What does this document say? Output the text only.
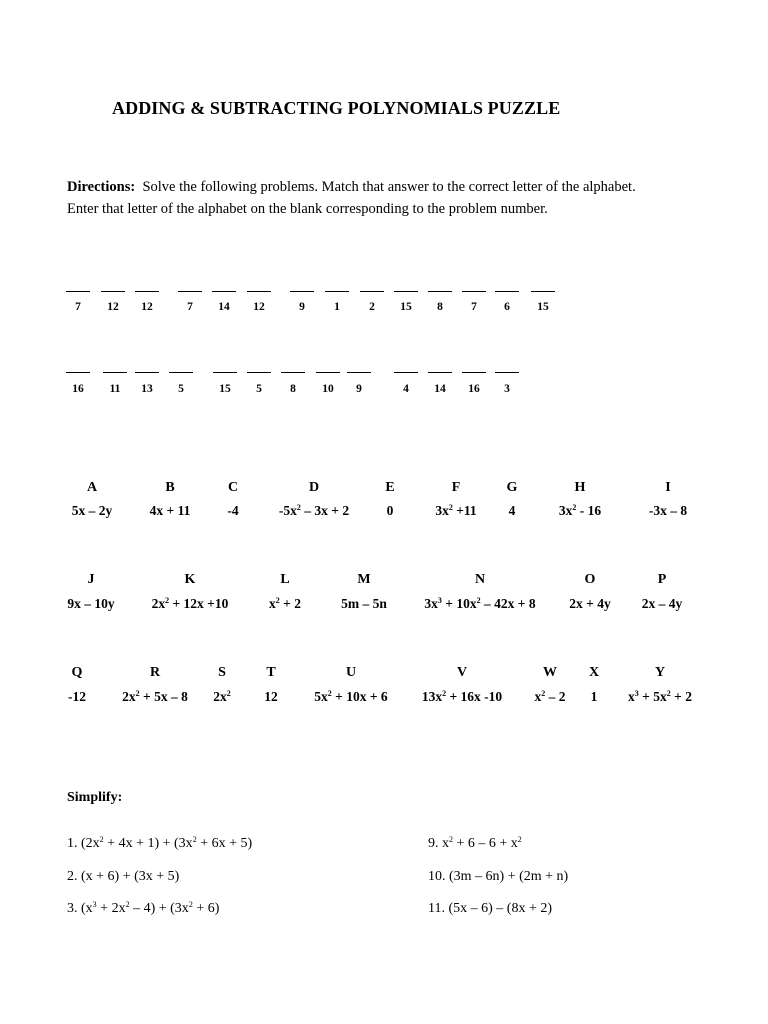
ADDING & SUBTRACTING POLYNOMIALS PUZZLE
Directions: Solve the following problems. Match that answer to the correct letter of the alphabet.
Enter that letter of the alphabet on the blank corresponding to the problem number.
7	12	12	7	14	12	9	1	2	15	8	7	6	15
16	11	13	5	15	5	8	10	9	4	14	16	3
A
5x – 2y
B
4x + 11
C
-4
D
$-5x^2 - 3x + 2$
E
0
F
$3x^2 +11$
G
4
H
$3x^2 - 16$
I
-3x – 8
J
9x – 10y
K
$2x^2 + 12x +10$
L
$x^2 + 2$
M
5m – 5n
N
$3x^3 + 10x^2 - 42x + 8$
O
2x + 4y
P
2x – 4y
Q
-12
R
$2x^2 + 5x - 8$
S
$2x^2$
T
12
U
$5x^2 + 10x + 6$
V
$13x^2 + 16x$ -10
W
$x^2 - 2$
X
1
Y
$x^3 + 5x^2 + 2$
Simplify:
1. $(2x^2 + 4x + 1) + (3x^2 + 6x + 5)$
2. (x + 6) + (3x + 5)
3. $(x^3 + 2x^2 - 4) + (3x^2 + 6)$
9. $x^2 + 6 - 6 + x^2$
10. (3m – 6n) + (2m + n)
11. (5x – 6) – (8x + 2)
